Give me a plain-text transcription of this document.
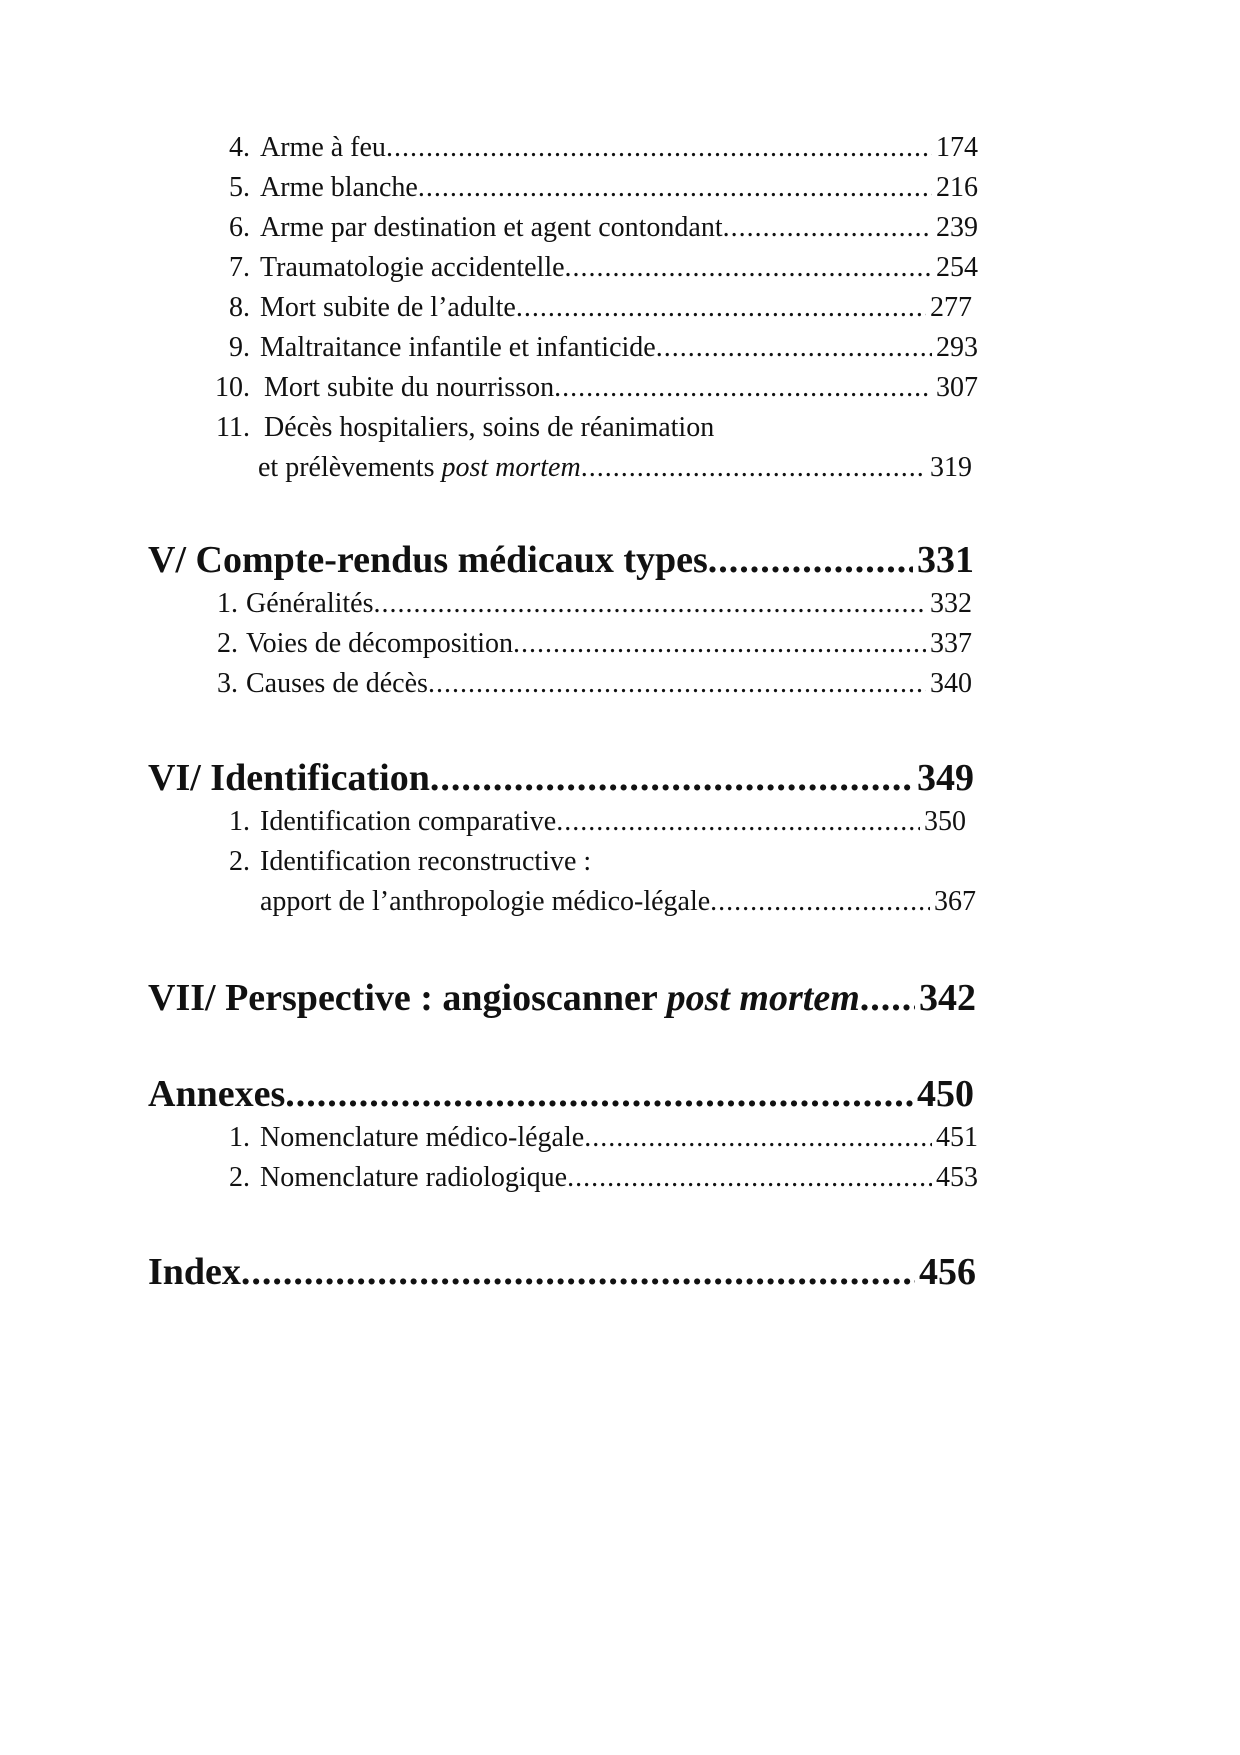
4. Arme à feu .....	174
5. Arme blanche .....	216
6. Arme par destination et agent contondant .....	239
7. Traumatologie accidentelle .....	254
8. Mort subite de l’adulte .....	277
9. Maltraitance infantile et infanticide .....	293
10. Mort subite du nourrisson .....	307
11. Décès hospitaliers, soins de réanimation
et prélèvements post mortem .....	319
V/ Compte-rendus médicaux types .....	331
1. Généralités .....	332
2. Voies de décomposition .....	337
3. Causes de décès .....	340
VI/ Identification .....	349
1. Identification comparative .....	350
2. Identification reconstructive :
apport de l’anthropologie médico-légale .....	367
VII/ Perspective : angioscanner post mortem ..... 342
Annexes .....	450
1. Nomenclature médico-légale .....	451
2. Nomenclature radiologique .....	453
Index .....	456
